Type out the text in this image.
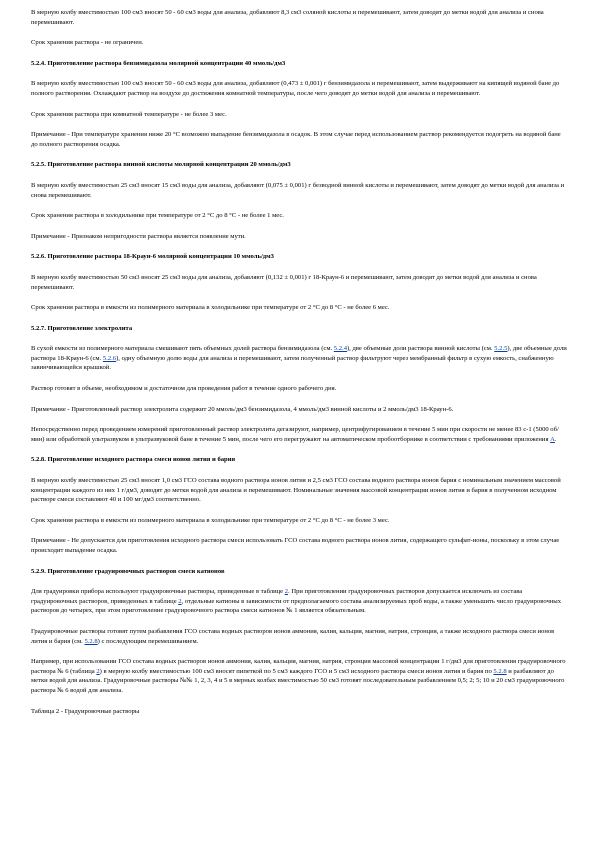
В мерную колбу вместимостью 100 см3 вносят 50 - 60 см3 воды для анализа, добавляют 8,3 см3 соляной кислоты и перемешивают, затем доводят до метки водой для анализа и снова перемешивают.

Срок хранения раствора - не ограничен.

5.2.4. Приготовление раствора бензимидазола молярной концентрации 40 ммоль/дм3

В мерную колбу вместимостью 100 см3 вносят 50 - 60 см3 воды для анализа, добавляют (0,473 ± 0,001) г бензимидазола и перемешивают, затем выдерживают на кипящей водяной бане до полного растворения. Охлаждают раствор на воздухе до достижения комнатной температуры, после чего доводят до метки водой для анализа и перемешивают.

Срок хранения раствора при комнатной температуре - не более 3 мес.

Примечание - При температуре хранения ниже 20 °С возможно выпадение бензимидазола в осадок. В этом случае перед использованием раствор рекомендуется подогреть на водяной бане до полного растворения осадка.

5.2.5. Приготовление раствора винной кислоты молярной концентрации 20 ммоль/дм3

В мерную колбу вместимостью 25 см3 вносят 15 см3 воды для анализа, добавляют (0,075 ± 0,001) г безводной винной кислоты и перемешивают, затем доводят до метки водой для анализа и снова перемешивают.

Срок хранения раствора в холодильнике при температуре от 2 °С до 8 °С - не более 1 мес.

Примечание - Признаком непригодности раствора является появление мути.

5.2.6. Приготовление раствора 18-Краун-6 молярной концентрации 10 ммоль/дм3

В мерную колбу вместимостью 50 см3 вносят 25 см3 воды для анализа, добавляют (0,132 ± 0,001) г 18-Краун-6 и перемешивают, затем доводят до метки водой для анализа и снова перемешивают.

Срок хранения раствора в емкости из полимерного материала в холодильнике при температуре от 2 °С до 8 °С - не более 6 мес.

5.2.7. Приготовление электролита

В сухой емкости из полимерного материала смешивают пять объемных долей раствора бензимидазола (см. 5.2.4), две объемные доли раствора винной кислоты (см. 5.2.5), две объемные доли раствора 18-Краун-6 (см. 5.2.6), одну объемную долю воды для анализа и перемешивают, затем полученный раствор фильтруют через мембранный фильтр в сухую емкость, снабженную завинчивающейся крышкой.

Раствор готовят в объеме, необходимом и достаточном для проведения работ в течение одного рабочего дня.

Примечание - Приготовленный раствор электролита содержит 20 ммоль/дм3 бензимидазола, 4 ммоль/дм3 винной кислоты и 2 ммоль/дм3 18-Краун-6.

Непосредственно перед проведением измерений приготовленный раствор электролита дегазируют, например, центрифугированием в течение 5 мин при скорости не менее 83 с-1 (5000 об/мин) или обработкой ультразвуком в ультразвуковой бане в течение 5 мин, после чего его перегружают на автоматическом пробоотборнике в соответствии с требованиями приложения А.

5.2.8. Приготовление исходного раствора смеси ионов лития и бария

В мерную колбу вместимостью 25 см3 вносят 1,0 см3 ГСО состава водного раствора ионов лития и 2,5 см3 ГСО состава водного раствора ионов бария с номинальным значением массовой концентрации каждого из них 1 г/дм3, доводят до метки водой для анализа и перемешивают. Номинальные значения массовой концентрации ионов лития и бария в полученном исходном растворе смеси составляют 40 и 100 мг/дм3 соответственно.

Срок хранения раствора в емкости из полимерного материала в холодильнике при температуре от 2 °С до 8 °С - не более 3 мес.

Примечание - Не допускается для приготовления исходного раствора смеси использовать ГСО состава водного раствора ионов лития, содержащего сульфат-ионы, поскольку в этом случае происходит выпадение осадка.

5.2.9. Приготовление градуировочных растворов смеси катионов

Для градуировки прибора используют градуировочные растворы, приведенные в таблице 2. При приготовлении градуировочных растворов допускается исключать из состава градуировочных растворов, приведенных в таблице 2, отдельные катионы в зависимости от предполагаемого состава анализируемых проб воды, а также уменьшить число градуировочных растворов до четырех, при этом приготовление градуировочного раствора смеси катионов № 1 является обязательным.

Градуировочные растворы готовят путем разбавления ГСО состава водных растворов ионов аммония, калия, кальция, магния, натрия, стронция, а также исходного раствора смеси ионов лития и бария (см. 5.2.8) с последующим перемешиванием.

Например, при использовании ГСО состава водных растворов ионов аммония, калия, кальция, магния, натрия, стронция массовой концентрации 1 г/дм3 для приготовления градуировочного раствора № 6 (таблица 2) в мерную колбу вместимостью 100 см3 вносят пипеткой по 5 см3 каждого ГСО и 5 см3 исходного раствора смеси ионов лития и бария по 5.2.8 и разбавляют до метки водой для анализа. Градуировочные растворы №№ 1, 2, 3, 4 и 5 в мерных колбах вместимостью 50 см3 готовят последовательным разбавлением 0,5; 2; 5; 10 и 20 см3 градуировочного раствора № 6 водой для анализа.

Таблица 2 - Градуировочные растворы
